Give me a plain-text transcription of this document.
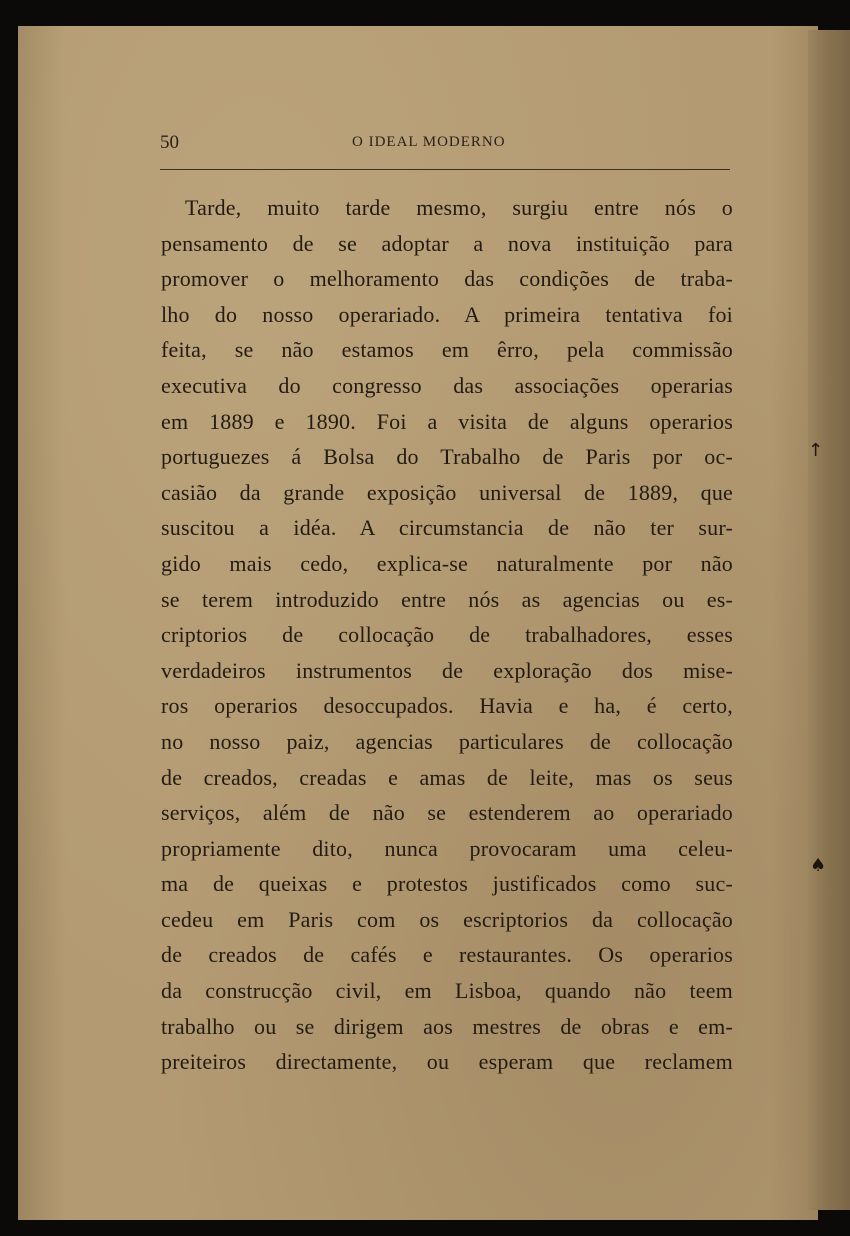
↑
♠
50	O IDEAL MODERNO
Tarde, muito tarde mesmo, surgiu entre nós o
pensamento de se adoptar a nova instituição para
promover o melhoramento das condições de traba-
lho do nosso operariado. A primeira tentativa foi
feita, se não estamos em êrro, pela commissão
executiva do congresso das associações operarias
em 1889 e 1890. Foi a visita de alguns operarios
portuguezes á Bolsa do Trabalho de Paris por oc-
casião da grande exposição universal de 1889, que
suscitou a idéa. A circumstancia de não ter sur-
gido mais cedo, explica-se naturalmente por não
se terem introduzido entre nós as agencias ou es-
criptorios de collocação de trabalhadores, esses
verdadeiros instrumentos de exploração dos mise-
ros operarios desoccupados. Havia e ha, é certo,
no nosso paiz, agencias particulares de collocação
de creados, creadas e amas de leite, mas os seus
serviços, além de não se estenderem ao operariado
propriamente dito, nunca provocaram uma celeu-
ma de queixas e protestos justificados como suc-
cedeu em Paris com os escriptorios da collocação
de creados de cafés e restaurantes. Os operarios
da construcção civil, em Lisboa, quando não teem
trabalho ou se dirigem aos mestres de obras e em-
preiteiros directamente, ou esperam que reclamem
